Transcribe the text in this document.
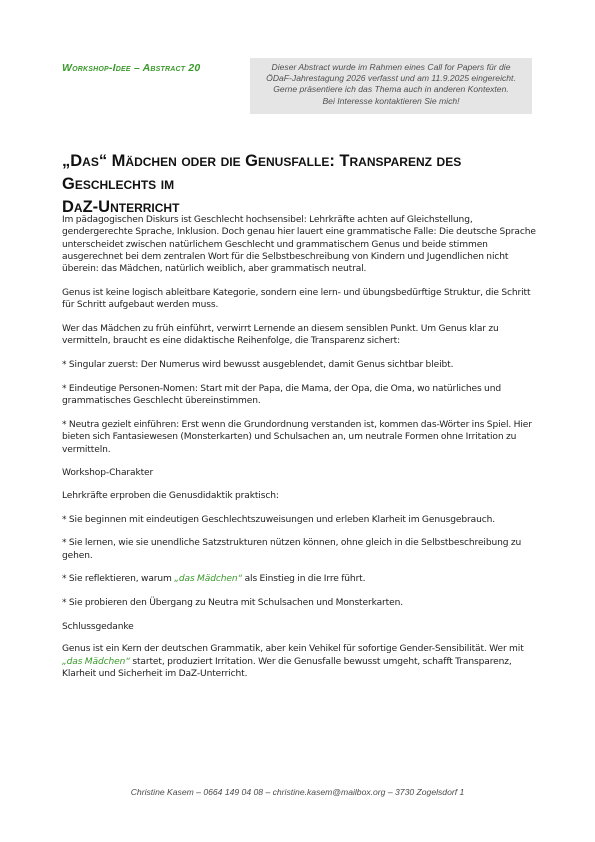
Workshop-Idee – Abstract 20	Dieser Abstract wurde im Rahmen eines Call for Papers für die
ÖDaF-Jahrestagung 2026 verfasst und am 11.9.2025 eingereicht.
Gerne präsentiere ich das Thema auch in anderen Kontexten.
Bei Interesse kontaktieren Sie mich!
„Das“ Mädchen oder die Genusfalle: Transparenz des Geschlechts im
DaZ-Unterricht

Im pädagogischen Diskurs ist Geschlecht hochsensibel: Lehrkräfte achten auf Gleichstellung, gendergerechte Sprache, Inklusion. Doch genau hier lauert eine grammatische Falle: Die deutsche Sprache unterscheidet zwischen natürlichem Geschlecht und grammatischem Genus und beide stimmen ausgerechnet bei dem zentralen Wort für die Selbstbeschreibung von Kindern und Jugendlichen nicht überein: das Mädchen, natürlich weiblich, aber grammatisch neutral.

Genus ist keine logisch ableitbare Kategorie, sondern eine lern- und übungsbedürftige Struktur, die Schritt für Schritt aufgebaut werden muss.

Wer das Mädchen zu früh einführt, verwirrt Lernende an diesem sensiblen Punkt. Um Genus klar zu vermitteln, braucht es eine didaktische Reihenfolge, die Transparenz sichert:

* Singular zuerst: Der Numerus wird bewusst ausgeblendet, damit Genus sichtbar bleibt.

* Eindeutige Personen-Nomen: Start mit der Papa, die Mama, der Opa, die Oma, wo natürliches und grammatisches Geschlecht übereinstimmen.

* Neutra gezielt einführen: Erst wenn die Grundordnung verstanden ist, kommen das-Wörter ins Spiel. Hier bieten sich Fantasiewesen (Monsterkarten) und Schulsachen an, um neutrale Formen ohne Irritation zu vermitteln.

Workshop-Charakter

Lehrkräfte erproben die Genusdidaktik praktisch:

* Sie beginnen mit eindeutigen Geschlechtszuweisungen und erleben Klarheit im Genusgebrauch.

* Sie lernen, wie sie unendliche Satzstrukturen nützen können, ohne gleich in die Selbstbeschreibung zu gehen.

* Sie reflektieren, warum „das Mädchen“ als Einstieg in die Irre führt.

* Sie probieren den Übergang zu Neutra mit Schulsachen und Monsterkarten.

Schlussgedanke

Genus ist ein Kern der deutschen Grammatik, aber kein Vehikel für sofortige Gender-Sensibilität. Wer mit „das Mädchen“ startet, produziert Irritation. Wer die Genusfalle bewusst umgeht, schafft Transparenz, Klarheit und Sicherheit im DaZ-Unterricht.

Christine Kasem – 0664 149 04 08 – christine.kasem@mailbox.org – 3730 Zogelsdorf 1
